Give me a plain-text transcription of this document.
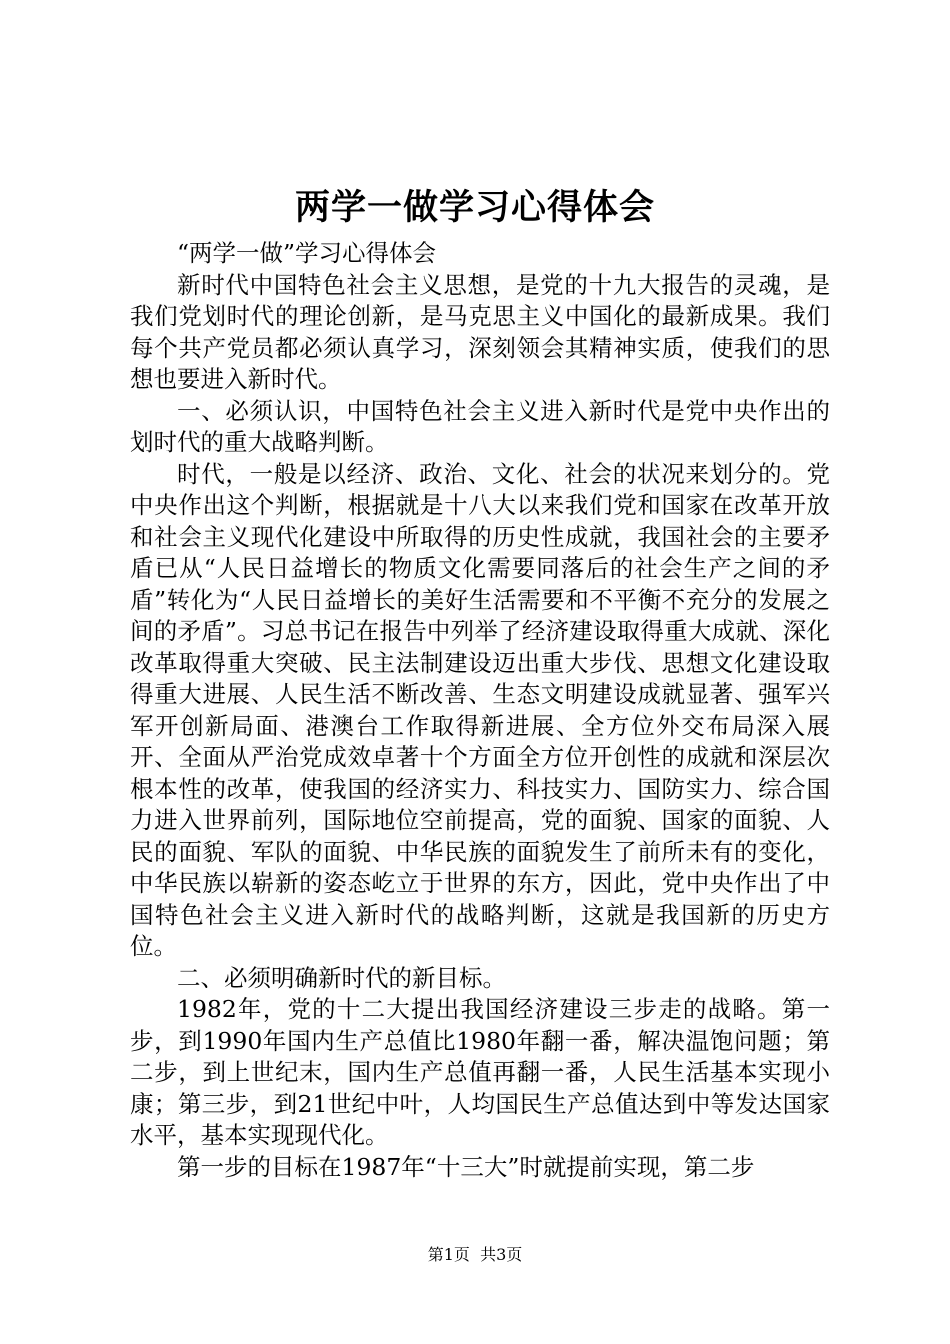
两学一做学习心得体会

“两学一做”学习心得体会

新时代中国特色社会主义思想，是党的十九大报告的灵魂，是我们党划时代的理论创新，是马克思主义中国化的最新成果。我们每个共产党员都必须认真学习，深刻领会其精神实质，使我们的思想也要进入新时代。

一、必须认识，中国特色社会主义进入新时代是党中央作出的划时代的重大战略判断。

时代，一般是以经济、政治、文化、社会的状况来划分的。党中央作出这个判断，根据就是十八大以来我们党和国家在改革开放和社会主义现代化建设中所取得的历史性成就，我国社会的主要矛盾已从“人民日益增长的物质文化需要同落后的社会生产之间的矛盾”转化为“人民日益增长的美好生活需要和不平衡不充分的发展之间的矛盾”。习总书记在报告中列举了经济建设取得重大成就、深化改革取得重大突破、民主法制建设迈出重大步伐、思想文化建设取得重大进展、人民生活不断改善、生态文明建设成就显著、强军兴军开创新局面、港澳台工作取得新进展、全方位外交布局深入展开、全面从严治党成效卓著十个方面全方位开创性的成就和深层次根本性的改革，使我国的经济实力、科技实力、国防实力、综合国力进入世界前列，国际地位空前提高，党的面貌、国家的面貌、人民的面貌、军队的面貌、中华民族的面貌发生了前所未有的变化，中华民族以崭新的姿态屹立于世界的东方，因此，党中央作出了中国特色社会主义进入新时代的战略判断，这就是我国新的历史方位。

二、必须明确新时代的新目标。

1982年，党的十二大提出我国经济建设三步走的战略。第一步，到1990年国内生产总值比1980年翻一番，解决温饱问题；第二步，到上世纪末，国内生产总值再翻一番，人民生活基本实现小康；第三步，到21世纪中叶，人均国民生产总值达到中等发达国家水平，基本实现现代化。

第一步的目标在1987年“十三大”时就提前实现，第二步

第1页  共3页
